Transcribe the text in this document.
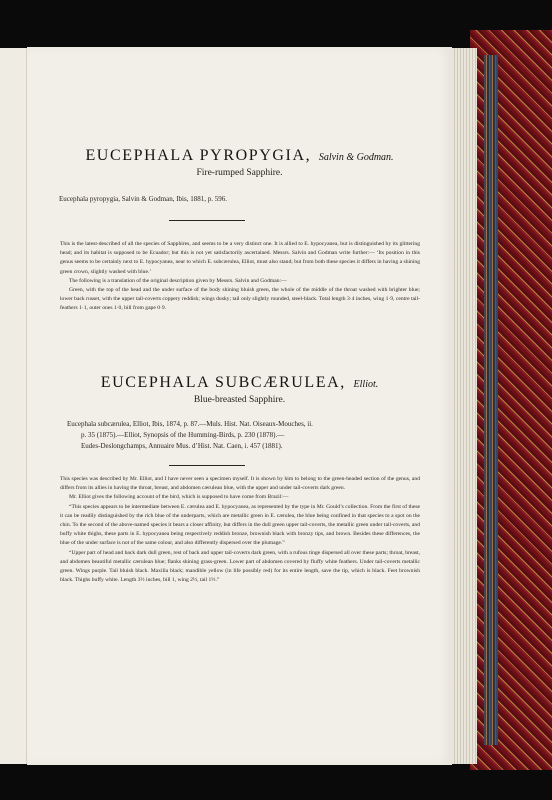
EUCEPHALA PYROPYGIA, Salvin & Godman.
Fire-rumped Sapphire.
Eucephala pyropygia, Salvin & Godman, Ibis, 1881, p. 596.

This is the latest-described of all the species of Sapphires, and seems to be a very distinct one. It is allied to E. hypocyanea, but is distinguished by its glittering head; and its habitat is supposed to be Ecuador; but this is not yet satisfactorily ascertained. Messrs. Salvin and Godman write further:— ‘Its position in this genus seems to be certainly next to E. hypocyanea, near to which E. subcærulea, Elliot, must also stand; but from both these species it differs in having a shining green crown, slightly washed with blue.’

The following is a translation of the original description given by Messrs. Salvin and Godman:—

Green, with the top of the head and the under surface of the body shining bluish green, the whole of the middle of the throat washed with brighter blue; lower back russet, with the upper tail-coverts coppery reddish; wings dusky; tail only slightly rounded, steel-black. Total length 3·4 inches, wing 1·9, centre tail-feathers 1·1, outer ones 1·0, bill from gape 0·9.

EUCEPHALA SUBCÆRULEA, Elliot.
Blue-breasted Sapphire.
Eucephala subcærulea, Elliot, Ibis, 1874, p. 87.—Muls. Hist. Nat. Oiseaux-Mouches, ii.
p. 35 (1875).—Elliot, Synopsis of the Humming-Birds, p. 230 (1878).—
Eudes-Deslongchamps, Annuaire Mus. d’Hist. Nat. Caen, i. 457 (1881).

This species was described by Mr. Elliot, and I have never seen a specimen myself. It is shown by him to belong to the green-headed section of the genus, and differs from its allies in having the throat, breast, and abdomen cærulean blue, with the upper and under tail-coverts dark green.

Mr. Elliot gives the following account of the bird, which is supposed to have come from Brazil:—

“This species appears to be intermediate between E. cærulea and E. hypocyanea, as represented by the type in Mr. Gould’s collection. From the first of these it can be readily distinguished by the rich blue of the underparts, which are metallic green in E. cærulea, the blue being confined in that species to a spot on the chin. To the second of the above-named species it bears a closer affinity, but differs in the dull green upper tail-coverts, the metallic green under tail-coverts, and buffy white thighs, these parts in E. hypocyanea being respectively reddish bronze, brownish black with bronzy tips, and brown. Besides these differences, the blue of the under surface is not of the same colour, and also differently dispersed over the plumage.”

“Upper part of head and back dark dull green, rest of back and upper tail-coverts dark green, with a rufous tinge dispersed all over these parts; throat, breast, and abdomen beautiful metallic cærulean blue; flanks shining grass-green. Lower part of abdomen covered by fluffy white feathers. Under tail-coverts metallic green. Wings purple. Tail bluish black. Maxilla black; mandible yellow (in life possibly red) for its entire length, save the tip, which is black. Feet brownish black. Thighs buffy white. Length 3½ inches, bill 1, wing 2½, tail 1½.”
